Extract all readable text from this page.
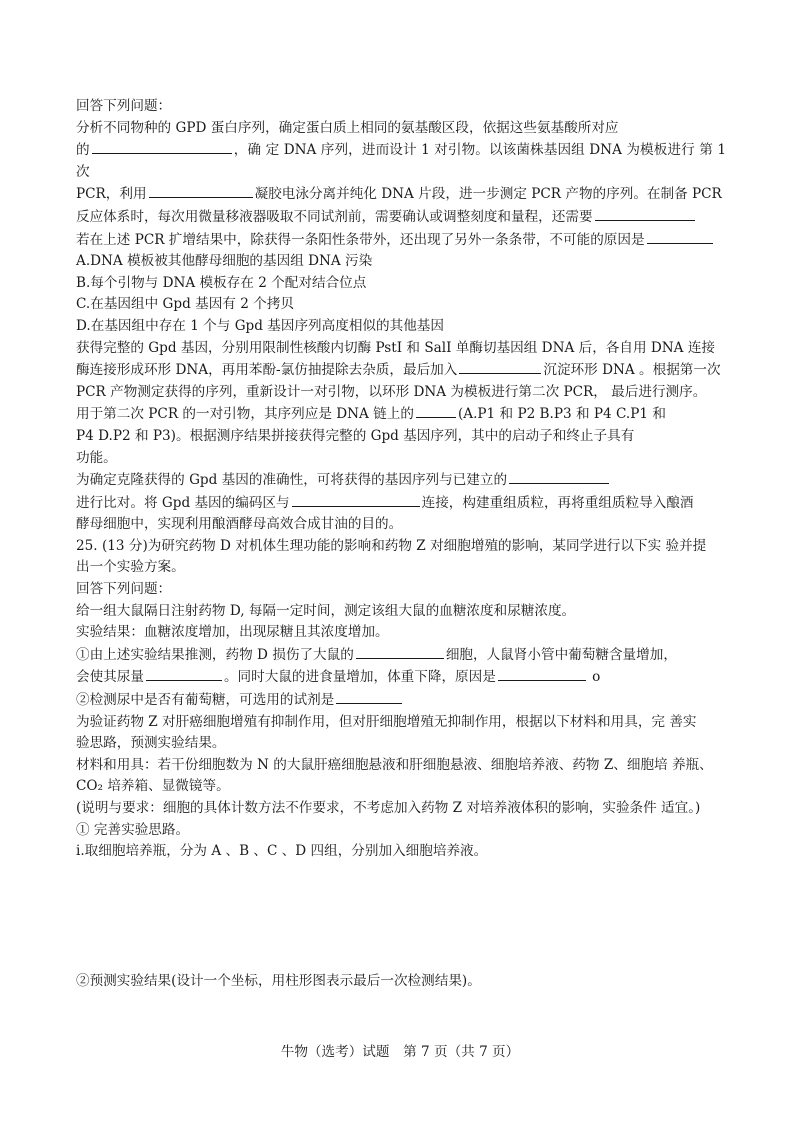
回答下列问题：

分析不同物种的 GPD 蛋白序列，确定蛋白质上相同的氨基酸区段，依据这些氨基酸所对应

的	，确 定 DNA 序列，进而设计 1 对引物。以该菌株基因组 DNA 为模板进行 第 1 次

PCR，利用	凝胶电泳分离并纯化 DNA 片段，进一步测定 PCR 产物的序列。在制备 PCR

反应体系时，每次用微量移液器吸取不同试剂前，需要确认或调整刻度和量程，还需要

若在上述 PCR 扩增结果中，除获得一条阳性条带外，还出现了另外一条条带，不可能的原因是

A.DNA 模板被其他酵母细胞的基因组 DNA 污染

B.每个引物与 DNA 模板存在 2 个配对结合位点

C.在基因组中 Gpd 基因有 2 个拷贝

D.在基因组中存在 1 个与 Gpd 基因序列高度相似的其他基因

获得完整的 Gpd 基因，分别用限制性核酸内切酶 PstI 和 SalI 单酶切基因组 DNA 后，各自用 DNA 连接

酶连接形成环形 DNA，再用苯酚-氯仿抽提除去杂质，最后加入	沉淀环形 DNA 。根据第一次

PCR 产物测定获得的序列，重新设计一对引物，以环形 DNA 为模板进行第二次 PCR， 最后进行测序。

用于第二次 PCR 的一对引物，其序列应是 DNA 链上的	(A.P1 和 P2 B.P3 和 P4 C.P1 和

P4 D.P2 和 P3)。根据测序结果拼接获得完整的 Gpd 基因序列，其中的启动子和终止子具有

功能。

为确定克隆获得的 Gpd 基因的准确性，可将获得的基因序列与已建立的

进行比对。将 Gpd 基因的编码区与	连接，构建重组质粒，再将重组质粒导入酿酒

酵母细胞中，实现利用酿酒酵母高效合成甘油的目的。

25. (13 分)为研究药物 D 对机体生理功能的影响和药物 Z 对细胞增殖的影响，某同学进行以下实 验并提

出一个实验方案。

回答下列问题：

给一组大鼠隔日注射药物 D, 每隔一定时间，测定该组大鼠的血糖浓度和尿糖浓度。

实验结果：血糖浓度增加，出现尿糖且其浓度增加。

①由上述实验结果推测，药物 D 损伤了大鼠的	细胞，人鼠肾小管中葡萄糖含量增加，

会使其尿量	。同时大鼠的进食量增加，体重下降，原因是	o

②检测尿中是否有葡萄糖，可选用的试剂是

为验证药物 Z 对肝癌细胞增殖有抑制作用，但对肝细胞增殖无抑制作用，根据以下材料和用具，完 善实

验思路，预测实验结果。

材料和用具：若干份细胞数为 N 的大鼠肝癌细胞悬液和肝细胞悬液、细胞培养液、药物 Z、细胞培 养瓶、

CO₂ 培养箱、显微镜等。

(说明与要求：细胞的具体计数方法不作要求，不考虑加入药物 Z 对培养液体积的影响，实验条件 适宜。)

① 完善实验思路。

i.取细胞培养瓶，分为 A 、B 、C 、D 四组，分别加入细胞培养液。

②预测实验结果(设计一个坐标，用柱形图表示最后一次检测结果)。

牛物（选考）试题　第 7 页（共 7 页）
